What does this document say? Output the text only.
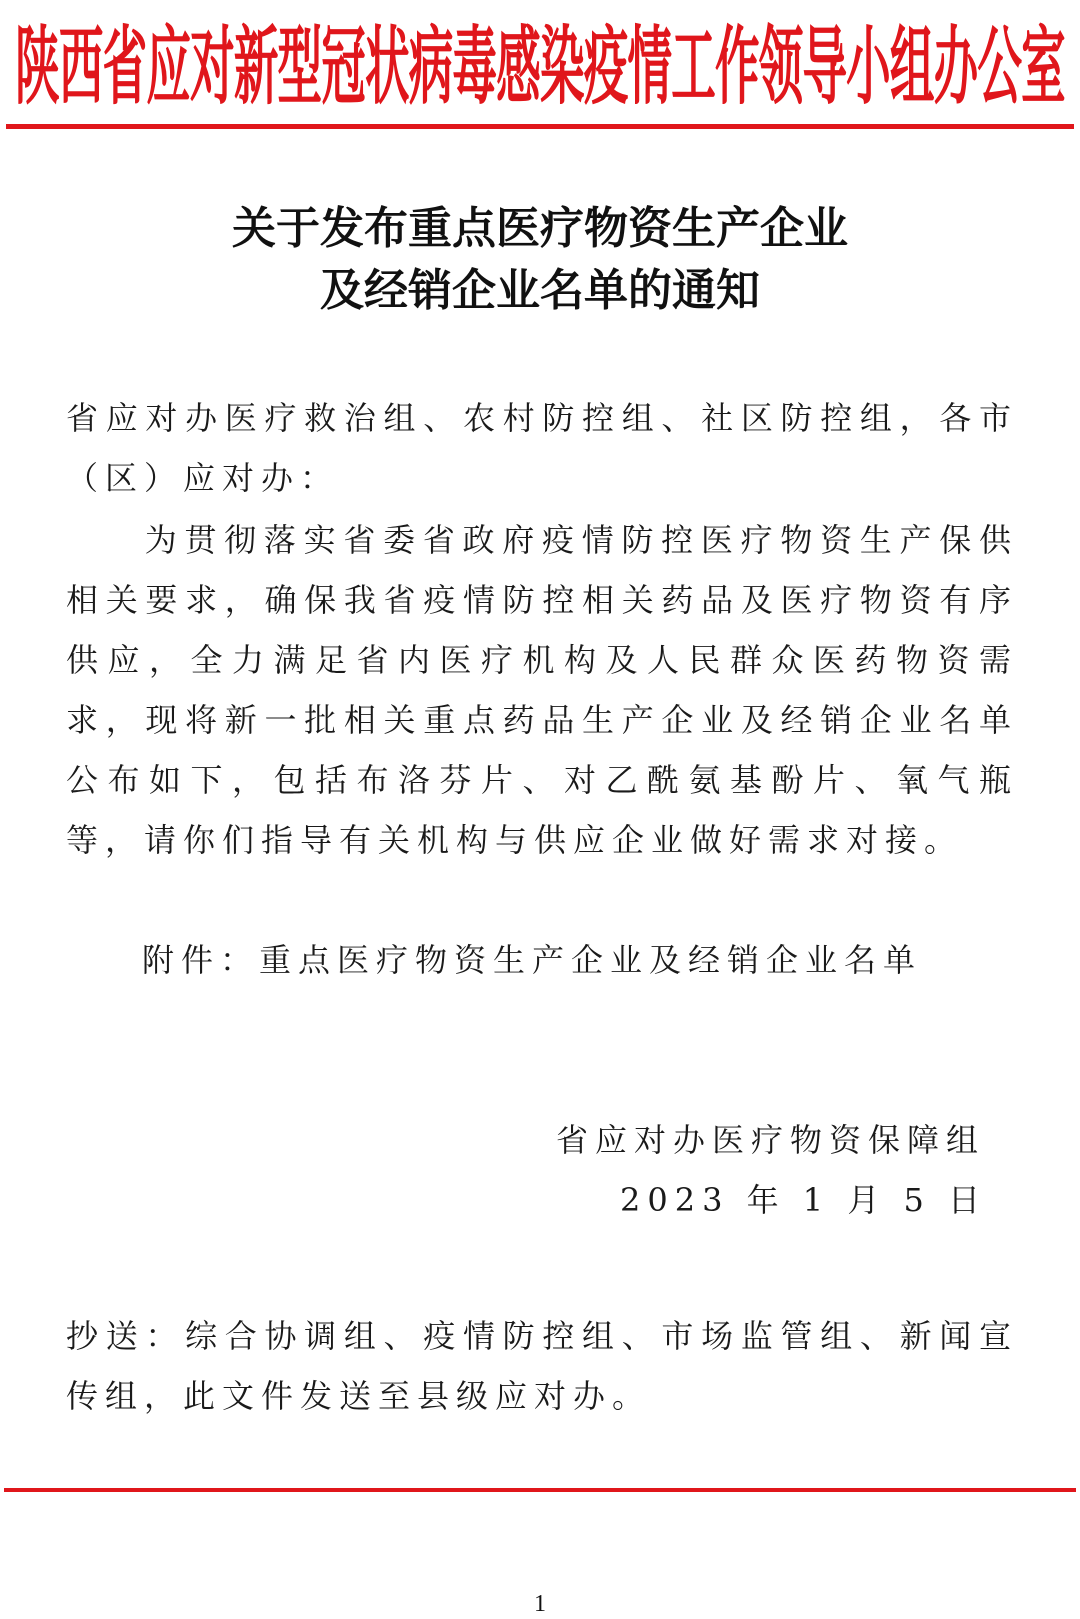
陕西省应对新型冠状病毒感染疫情工作领导小组办公室
关于发布重点医疗物资生产企业
及经销企业名单的通知
省应对办医疗救治组、农村防控组、社区防控组，各市（区）应对办：
为贯彻落实省委省政府疫情防控医疗物资生产保供相关要求，确保我省疫情防控相关药品及医疗物资有序供应，全力满足省内医疗机构及人民群众医药物资需求，现将新一批相关重点药品生产企业及经销企业名单公布如下，包括布洛芬片、对乙酰氨基酚片、氧气瓶等，请你们指导有关机构与供应企业做好需求对接。
附件：重点医疗物资生产企业及经销企业名单
省应对办医疗物资保障组
2023 年 1 月 5 日
抄送：综合协调组、疫情防控组、市场监管组、新闻宣传组，此文件发送至县级应对办。
1
